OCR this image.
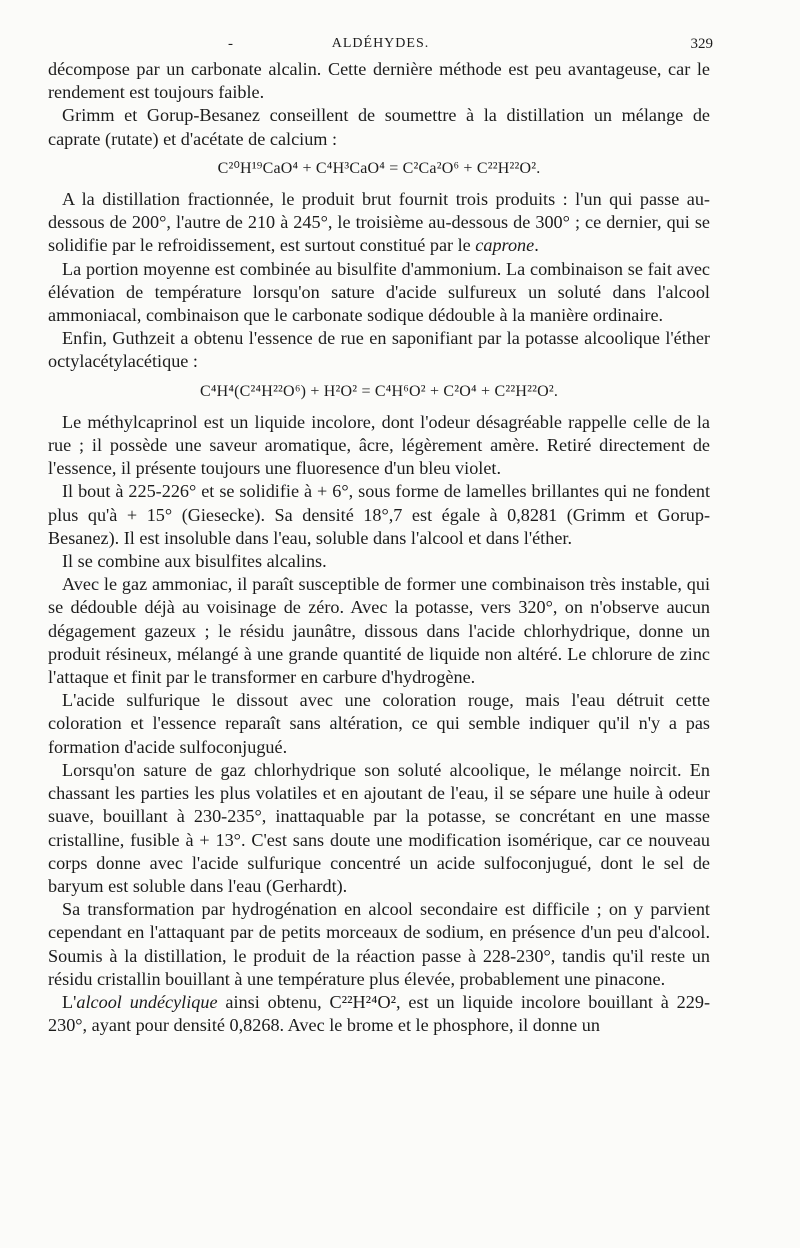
-	ALDÉHYDES.	329

décompose par un carbonate alcalin. Cette dernière méthode est peu avantageuse, car le rendement est toujours faible.

Grimm et Gorup-Besanez conseillent de soumettre à la distillation un mélange de caprate (rutate) et d'acétate de calcium :

C²⁰H¹⁹CaO⁴ + C⁴H³CaO⁴ = C²Ca²O⁶ + C²²H²²O².

A la distillation fractionnée, le produit brut fournit trois produits : l'un qui passe au-dessous de 200°, l'autre de 210 à 245°, le troisième au-dessous de 300° ; ce dernier, qui se solidifie par le refroidissement, est surtout constitué par le caprone.

La portion moyenne est combinée au bisulfite d'ammonium. La combinaison se fait avec élévation de température lorsqu'on sature d'acide sulfureux un soluté dans l'alcool ammoniacal, combinaison que le carbonate sodique dédouble à la manière ordinaire.

Enfin, Guthzeit a obtenu l'essence de rue en saponifiant par la potasse alcoolique l'éther octylacétylacétique :

C⁴H⁴(C²⁴H²²O⁶) + H²O² = C⁴H⁶O² + C²O⁴ + C²²H²²O².

Le méthylcaprinol est un liquide incolore, dont l'odeur désagréable rappelle celle de la rue ; il possède une saveur aromatique, âcre, légèrement amère. Retiré directement de l'essence, il présente toujours une fluoresence d'un bleu violet.

Il bout à 225-226° et se solidifie à + 6°, sous forme de lamelles brillantes qui ne fondent plus qu'à + 15° (Giesecke). Sa densité 18°,7 est égale à 0,8281 (Grimm et Gorup-Besanez). Il est insoluble dans l'eau, soluble dans l'alcool et dans l'éther.

Il se combine aux bisulfites alcalins.

Avec le gaz ammoniac, il paraît susceptible de former une combinaison très instable, qui se dédouble déjà au voisinage de zéro. Avec la potasse, vers 320°, on n'observe aucun dégagement gazeux ; le résidu jaunâtre, dissous dans l'acide chlorhydrique, donne un produit résineux, mélangé à une grande quantité de liquide non altéré. Le chlorure de zinc l'attaque et finit par le transformer en carbure d'hydrogène.

L'acide sulfurique le dissout avec une coloration rouge, mais l'eau détruit cette coloration et l'essence reparaît sans altération, ce qui semble indiquer qu'il n'y a pas formation d'acide sulfoconjugué.

Lorsqu'on sature de gaz chlorhydrique son soluté alcoolique, le mélange noircit. En chassant les parties les plus volatiles et en ajoutant de l'eau, il se sépare une huile à odeur suave, bouillant à 230-235°, inattaquable par la potasse, se concrétant en une masse cristalline, fusible à + 13°. C'est sans doute une modification isomérique, car ce nouveau corps donne avec l'acide sulfurique concentré un acide sulfoconjugué, dont le sel de baryum est soluble dans l'eau (Gerhardt).

Sa transformation par hydrogénation en alcool secondaire est difficile ; on y parvient cependant en l'attaquant par de petits morceaux de sodium, en présence d'un peu d'alcool. Soumis à la distillation, le produit de la réaction passe à 228-230°, tandis qu'il reste un résidu cristallin bouillant à une température plus élevée, probablement une pinacone.

L'alcool undécylique ainsi obtenu, C²²H²⁴O², est un liquide incolore bouillant à 229-230°, ayant pour densité 0,8268. Avec le brome et le phosphore, il donne un
